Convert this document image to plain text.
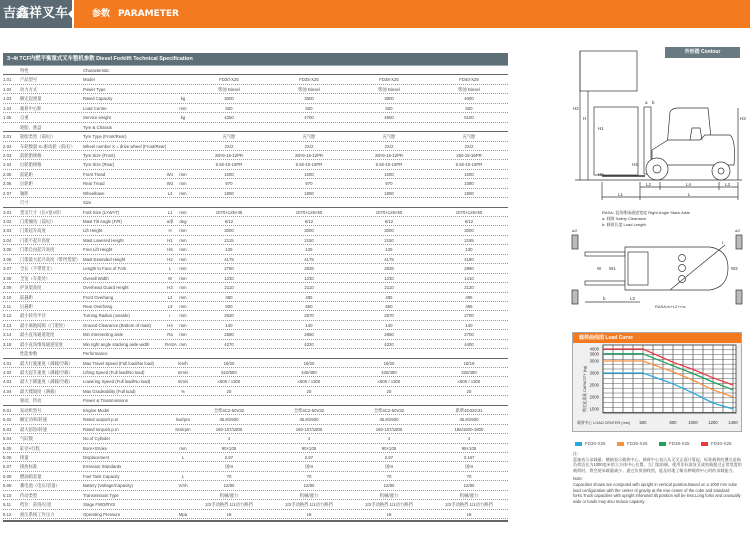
吉鑫祥叉车	参数 PARAMETER
3~4t TCF内燃平衡重式叉车整机参数 Diesel Forklift Technical Specification
特性	Characteristic
1.01 产品型号	Model	FD30-X25	FD35-X25	FD38-X25	FD40-X28
1.02 动力方式	Power Type	柴油 Diesel	柴油 Diesel	柴油 Diesel	柴油 Diesel
1.03 额定起重量	Rated Capacity	kg	3000	3500	3800	4000
1.04 载荷中心距	Load Centre	mm	500	500	500	500
1.05 自重	Service weight	kg	4250	4700	4900	5100
轮胎、底盘	Tyre & Chassis
2.01 轮胎类型（前/后）	Tyre Type (Front/Rear)	充气胎	充气胎	充气胎	充气胎
2.02 车轮数量 X=驱动轮（前/后） Wheel number X = drive wheel (Front/Rear)	2X/2	2X/2	2X/2	2X/2
2.03 前轮胎规格	Tyre Size (Front)	28×9-15-12PR	28×9-15-12PR	28×9-15-12PR	250-15-16PR
2.04 后轮胎规格	Tyre Size (Rear)	6.50-10-10PR	6.50-10-10PR	6.50-10-10PR	6.50-10-10PR
2.05 前轮距	Front Tread	W1	mm	1000	1000	1000	1000
2.06 后轮距	Rear Tread	W2	mm	970	970	970	1080
2.07 轴距	Wheelbase	L4	mm	1800	1800	1800	1900
尺寸	Size
3.01 货叉尺寸（长×宽×厚）	Fork Size (L×W×T)	L1	mm	1070×125×45	1070×125×50	1070×125×50	1070×125×50
3.02 门架倾角（前/后）	Mast Tilt Angle (F/R)	α/β	deg	6/12	6/12	6/12	6/12
3.03 门架起升高度	Lift Height	H	mm	3000	3000	3000	3000
3.04 门架不起升高度	Mast Lowered Height	H1	mm	2115	2150	2150	2195
3.05 门架自由起升高度	Free Lift Height	H5	mm	125	125	125	130
3.06 门架最大起升高度（带挡货架） Mast Extended Height	H2	mm	4175	4175	4175	4180
3.07 全长（不带货叉）	Length to Face of Fork	L	mm	2780	2835	2835	2890
3.08 全宽（车架处）	Overall Width	W	mm	1230	1230	1230	1410
3.09 护顶架高度	Overhead Guard Height	H3	mm	2110	2110	2110	2120
3.10 前悬距	Front Overhang	L2	mm	480	485	485	495
3.11 后悬距	Rear Overhang	L3	mm	500	550	550	495
3.12 最小转弯半径	Turning Radius (outside)	r	mm	2520	2570	2570	2700
3.13 最小离地间隙（门架处）	Ground Clearance (Bottom of mast)	H4	mm	140	140	140	140
3.14 最小直角通道宽度	Min intersecting aisle	Ra	mm	2580	2650	2650	2700
3.15 最小直角堆垛通道宽度	Min right angle stacking aisle width	RASA mm	4270	4320	4320	4400
性能参数	Performance
4.01 最大行驶速度（满载/空载） Max Travel Speed (Full load/No load)	km/h	19/20	19/20	19/20	18/19
4.02 最大起升速度（满载/空载） Lifting Speed (Full load/No load)	mm/s	510/550	440/480	430/480	320/480
4.03 最大下降速度（满载/空载） Lowering Speed (Full load/No load)	mm/s	≤600 / ≥300	≤600 / ≥300	≤600 / ≥300	≤600 / ≥300
4.04 最大爬坡度（满载）	Max Gradeability (Full load)	%	20	20	20	20
驱动、传动	Power & Transmissions
5.01 发动机型号	Engine Model	全柴4C2-50V32	全柴4C2-50V32	全柴4C2-50V32	新柴4D32G31
5.02 额定功率/转速	Rated output/r.p.m	kw/rpm	36.8/2500	36.8/2500	36.8/2500	36.8/2500
5.03 最大扭矩/转速	Rated torque/r.p.m	Nm/rpm	150-157/1800	150-157/1800	150-157/1800	186/1600-1800
5.04 气缸数	No.of Cylinder	4	4	4	4
5.05 缸径×行程	Bore×Stroke	mm	90×105	90×105	90×105	98×105
5.06 排量	Displacement	L	2.67	2.67	2.67	3.167
5.07 排放标准	Emission Standards	国III	国III	国III	国III
5.08 燃油箱容量	Fuel Tank Capacity	L	70	70	70	70
5.09 蓄电池（电压/容量）	Battery (Voltage/Capacity)	V/Ah	12/80	12/80	12/80	12/80
5.10 传动类型	Transmission Type	机械/液力	机械/液力	机械/液力	机械/液力
5.11 档位：前进/后退	Stage FWD/RVS	2/2手动换挡 1/1动力换挡	2/2手动换挡 1/1动力换挡	2/2手动换挡 1/1动力换挡	2/2手动换挡 1/1动力换挡
5.12 液压系统工作压力	Operating Pressure	Mpa	18	18	18	18
外形图 Contour
H2
H
H1
H4
H5
H3
a b
L2	L4	L3
L1	L
RASA: 直角堆垛通道宽度 Right-Angle Stack Aisle
a: 间隙 Safety Clearance
b: 载荷长度 Load Length
a/2	a/2
W W1	W2
b	L2
r
RASA=b+L2+r+a
载荷曲线图 Load Curve
4000
3800
3500
3000
2500
2000
1500
500	800	1000	1200	1400
载荷中心 LOAD CENTER (mm)
额定起重量 CAPACITY (kg)
FD30-X25	FD35-X25	FD38-X25	FD40-X28

注：
蓝轴表示承载量，横轴表示载荷中心。载荷中心表示从叉叉正面计算起，标准载荷的叠点是指负荷边长为1000毫米的立方体中心位置。当门架前倾，使用非标准货叉或装载超过正常宽度的载荷时，将会使承载量减少。通过负荷曲线图，能及时地了解各种载荷中心时的承载能力。

Note:
Capacities shown are computed with upright in vertical position.Based on a 1000 mm cube load configuration with the center of gravity at the true center of the cube and standard forks.Truck capacities with upright inforward tilt position will be less.Long forks and unusually wide or loads may also reduce capacity.
